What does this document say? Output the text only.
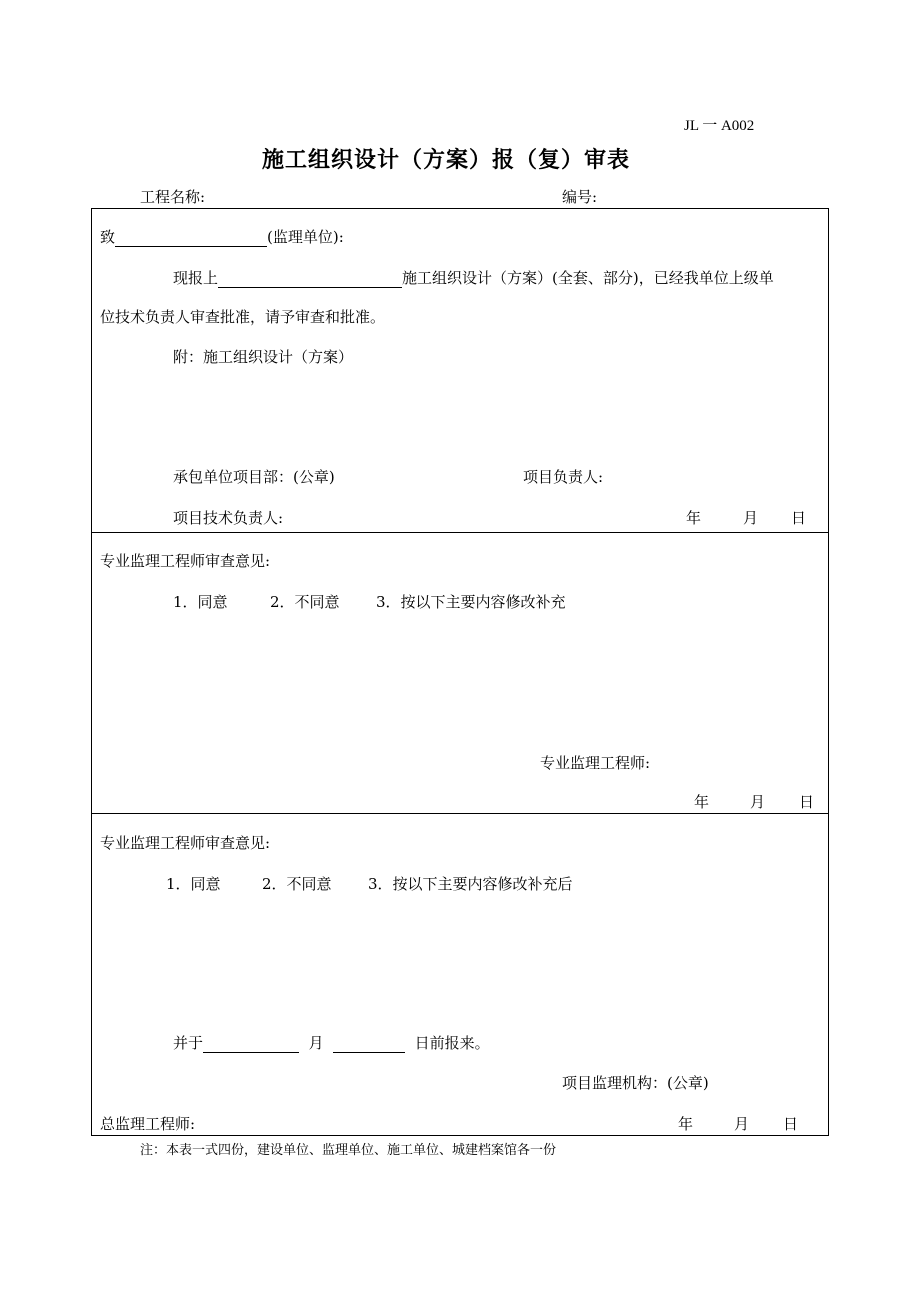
JL 一 A002
施工组织设计（方案）报（复）审表
工程名称:	编号:
致	(监理单位):
现报上	施工组织设计（方案）(全套、部分)，已经我单位上级单
位技术负责人审查批准，请予审查和批准。
附：施工组织设计（方案）
承包单位项目部：(公章)	项目负责人:
项目技术负责人:	年	月 日
专业监理工程师审查意见:
1．同意	2．不同意 3．按以下主要内容修改补充
专业监理工程师:
年	月 日
专业监理工程师审查意见:
1．同意	2．不同意 3．按以下主要内容修改补充后
并于	月	日前报来。
项目监理机构：(公章)
总监理工程师:	年	月 日
注：本表一式四份，建设单位、监理单位、施工单位、城建档案馆各一份
